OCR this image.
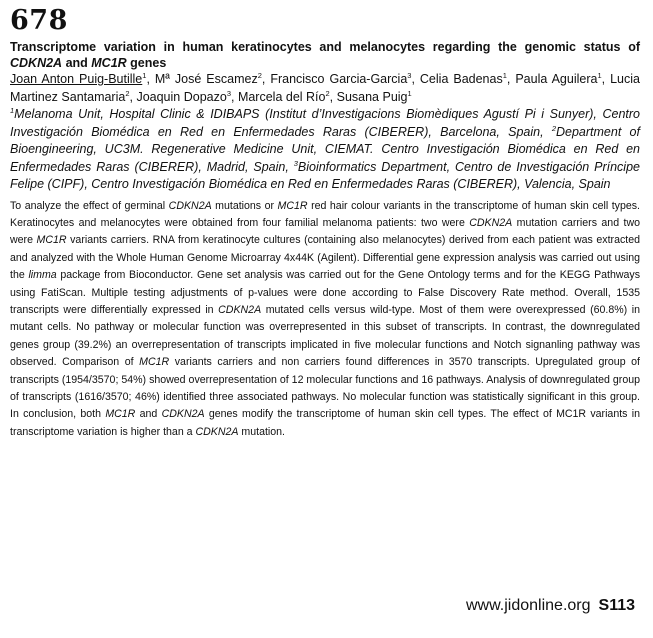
678
Transcriptome variation in human keratinocytes and melanocytes regarding the genomic status of CDKN2A and MC1R genes

Joan Anton Puig-Butille$^1$, Mª José Escamez$^2$, Francisco Garcia-Garcia$^3$, Celia Badenas$^1$, Paula Aguilera$^1$, Lucia Martinez Santamaria$^2$, Joaquin Dopazo$^3$, Marcela del Río$^2$, Susana Puig$^1$

$^1$Melanoma Unit, Hospital Clinic & IDIBAPS (Institut d’Investigacions Biomèdiques Agustí Pi i Sunyer), Centro Investigación Biomédica en Red en Enfermedades Raras (CIBERER), Barcelona, Spain, $^2$Department of Bioengineering, UC3M. Regenerative Medicine Unit, CIEMAT. Centro Investigación Biomédica en Red en Enfermedades Raras (CIBERER), Madrid, Spain, $^3$Bioinformatics Department, Centro de Investigación Príncipe Felipe (CIPF), Centro Investigación Biomédica en Red en Enfermedades Raras (CIBERER), Valencia, Spain

To analyze the effect of germinal CDKN2A mutations or MC1R red hair colour variants in the transcriptome of human skin cell types. Keratinocytes and melanocytes were obtained from four familial melanoma patients: two were CDKN2A mutation carriers and two were MC1R variants carriers. RNA from keratinocyte cultures (containing also melanocytes) derived from each patient was extracted and analyzed with the Whole Human Genome Microarray 4x44K (Agilent). Differential gene expression analysis was carried out using the limma package from Bioconductor. Gene set analysis was carried out for the Gene Ontology terms and for the KEGG Pathways using FatiScan. Multiple testing adjustments of p-values were done according to False Discovery Rate method. Overall, 1535 transcripts were differentially expressed in CDKN2A mutated cells versus wild-type. Most of them were overexpressed (60.8%) in mutant cells. No pathway or molecular function was overrepresented in this subset of transcripts. In contrast, the downregulated genes group (39.2%) an overrepresentation of transcripts implicated in five molecular functions and Notch signanling pathway was observed. Comparison of MC1R variants carriers and non carriers found differences in 3570 transcripts. Upregulated group of transcripts (1954/3570; 54%) showed overrepresentation of 12 molecular functions and 16 pathways. Analysis of downregulated group of transcripts (1616/3570; 46%) identified three associated pathways. No molecular function was statistically significant in this group. In conclusion, both MC1R and CDKN2A genes modify the transcriptome of human skin cell types. The effect of MC1R variants in transcriptome variation is higher than a CDKN2A mutation.

www.jidonline.org S113
